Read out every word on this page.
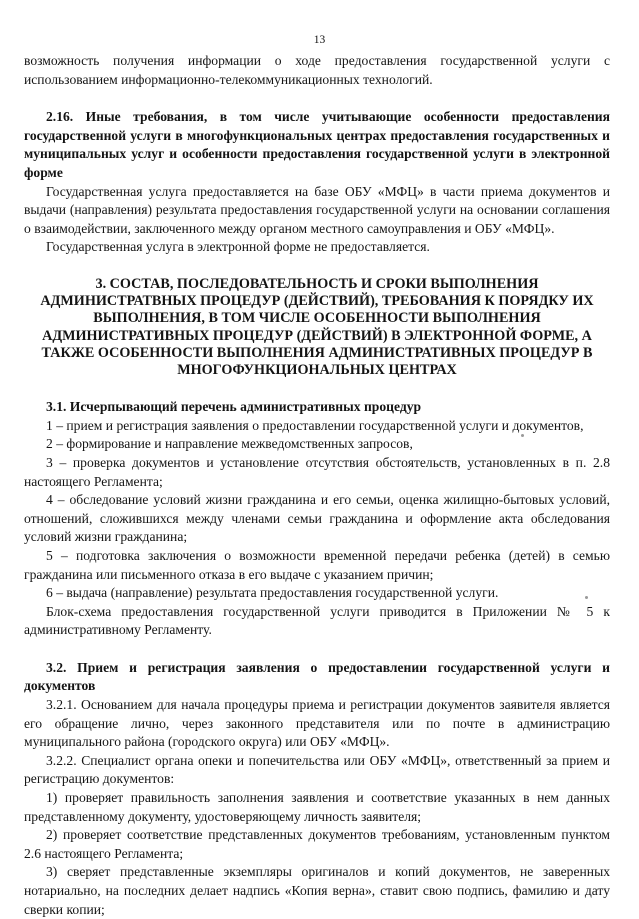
13

возможность получения информации о ходе предоставления государственной услуги с использованием информационно-телекоммуникационных технологий.

2.16. Иные требования, в том числе учитывающие особенности предоставления государственной услуги в многофункциональных центрах предоставления государственных и муниципальных услуг и особенности предоставления государственной услуги в электронной форме

Государственная услуга предоставляется на базе ОБУ «МФЦ» в части приема документов и выдачи (направления) результата предоставления государственной услуги на основании соглашения о взаимодействии, заключенного между органом местного самоуправления и ОБУ «МФЦ».

Государственная услуга в электронной форме не предоставляется.

3. СОСТАВ, ПОСЛЕДОВАТЕЛЬНОСТЬ И СРОКИ ВЫПОЛНЕНИЯ АДМИНИСТРАТВНЫХ ПРОЦЕДУР (ДЕЙСТВИЙ), ТРЕБОВАНИЯ К ПОРЯДКУ ИХ ВЫПОЛНЕНИЯ, В ТОМ ЧИСЛЕ ОСОБЕННОСТИ ВЫПОЛНЕНИЯ АДМИНИСТРАТИВНЫХ ПРОЦЕДУР (ДЕЙСТВИЙ) В ЭЛЕКТРОННОЙ ФОРМЕ, А ТАКЖЕ ОСОБЕННОСТИ ВЫПОЛНЕНИЯ АДМИНИСТРАТИВНЫХ ПРОЦЕДУР В МНОГОФУНКЦИОНАЛЬНЫХ ЦЕНТРАХ

3.1. Исчерпывающий перечень административных процедур

1 – прием и регистрация заявления о предоставлении государственной услуги и документов,

2 – формирование и направление межведомственных запросов,

3 – проверка документов и установление отсутствия обстоятельств, установленных в п. 2.8 настоящего Регламента;

4 – обследование условий жизни гражданина и его семьи, оценка жилищно-бытовых условий, отношений, сложившихся между членами семьи гражданина и оформление акта обследования условий жизни гражданина;

5 – подготовка заключения о возможности временной передачи ребенка (детей) в семью гражданина или письменного отказа в его выдаче с указанием причин;

6 – выдача (направление) результата предоставления государственной услуги.

Блок-схема предоставления государственной услуги приводится в Приложении № 5 к административному Регламенту.

3.2. Прием и регистрация заявления о предоставлении государственной услуги и документов

3.2.1. Основанием для начала процедуры приема и регистрации документов заявителя является его обращение лично, через законного представителя или по почте в администрацию муниципального района (городского округа) или ОБУ «МФЦ».

3.2.2. Специалист органа опеки и попечительства или ОБУ «МФЦ», ответственный за прием и регистрацию документов:

1) проверяет правильность заполнения заявления и соответствие указанных в нем данных представленному документу, удостоверяющему личность заявителя;

2) проверяет соответствие представленных документов требованиям, установленным пунктом 2.6 настоящего Регламента;

3) сверяет представленные экземпляры оригиналов и копий документов, не заверенных нотариально, на последних делает надпись «Копия верна», ставит свою подпись, фамилию и дату сверки копии;
